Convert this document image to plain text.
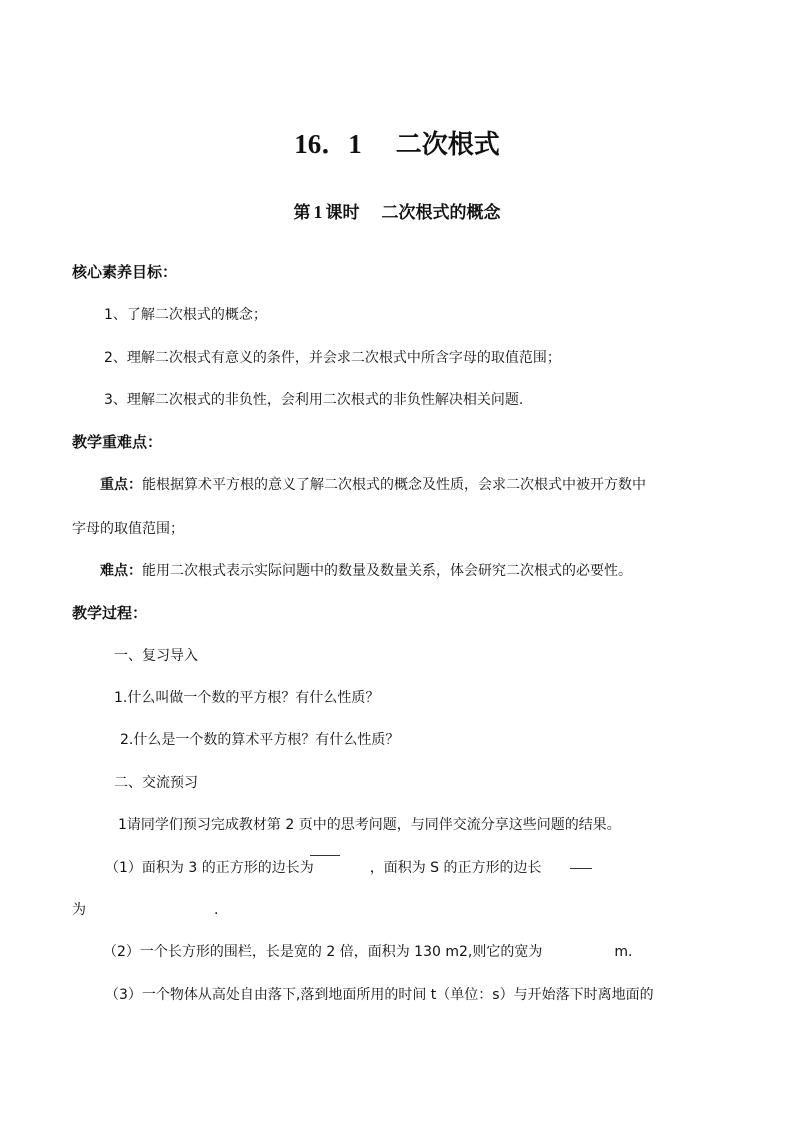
16．1 二次根式
第 1 课时 二次根式的概念
核心素养目标：
1、了解二次根式的概念；
2、理解二次根式有意义的条件，并会求二次根式中所含字母的取值范围；
3、理解二次根式的非负性，会利用二次根式的非负性解决相关问题.
教学重难点：
重点：能根据算术平方根的意义了解二次根式的概念及性质，会求二次根式中被开方数中
字母的取值范围；
难点：能用二次根式表示实际问题中的数量及数量关系，体会研究二次根式的必要性。
教学过程：
一、复习导入
1.什么叫做一个数的平方根？有什么性质？
2.什么是一个数的算术平方根？有什么性质？
二、交流预习
1请同学们预习完成教材第 2 页中的思考问题，与同伴交流分享这些问题的结果。
（1）面积为 3 的正方形的边长为	，面积为 S 的正方形的边长
为	.
（2）一个长方形的围栏，长是宽的 2 倍，面积为 130 m2,则它的宽为	m.
（3）一个物体从高处自由落下,落到地面所用的时间 t（单位：s）与开始落下时离地面的
